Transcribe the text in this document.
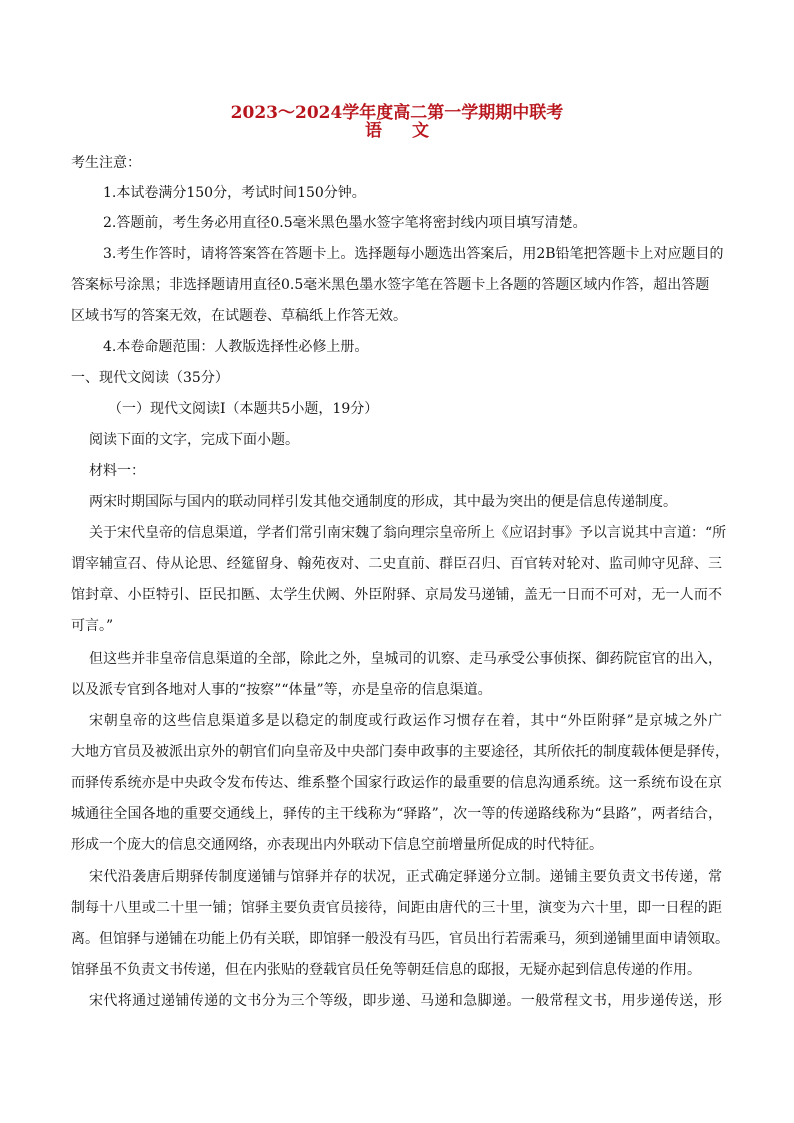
2023～2024学年度高二第一学期期中联考
语文
考生注意：
1.本试卷满分150分，考试时间150分钟。
2.答题前，考生务必用直径0.5毫米黑色墨水签字笔将密封线内项目填写清楚。
3.考生作答时，请将答案答在答题卡上。选择题每小题选出答案后，用2B铅笔把答题卡上对应题目的
答案标号涂黑；非选择题请用直径0.5毫米黑色墨水签字笔在答题卡上各题的答题区域内作答，超出答题
区域书写的答案无效，在试题卷、草稿纸上作答无效。
4.本卷命题范围：人教版选择性必修上册。
一、现代文阅读（35分）
（一）现代文阅读Ⅰ（本题共5小题，19分）
阅读下面的文字，完成下面小题。
材料一：
两宋时期国际与国内的联动同样引发其他交通制度的形成，其中最为突出的便是信息传递制度。
关于宋代皇帝的信息渠道，学者们常引南宋魏了翁向理宗皇帝所上《应诏封事》予以言说其中言道：“所
谓宰辅宣召、侍从论思、经筵留身、翰苑夜对、二史直前、群臣召归、百官转对轮对、监司帅守见辞、三
馆封章、小臣特引、臣民扣匦、太学生伏阙、外臣附驿、京局发马递铺，盖无一日而不可对，无一人而不
可言。”
但这些并非皇帝信息渠道的全部，除此之外，皇城司的讥察、走马承受公事侦探、御药院宦官的出入，
以及派专官到各地对人事的“按察”“体量”等，亦是皇帝的信息渠道。
宋朝皇帝的这些信息渠道多是以稳定的制度或行政运作习惯存在着，其中“外臣附驿”是京城之外广
大地方官员及被派出京外的朝官们向皇帝及中央部门奏申政事的主要途径，其所依托的制度载体便是驿传，
而驿传系统亦是中央政令发布传达、维系整个国家行政运作的最重要的信息沟通系统。这一系统布设在京
城通往全国各地的重要交通线上，驿传的主干线称为“驿路”，次一等的传递路线称为“县路”，两者结合，
形成一个庞大的信息交通网络，亦表现出内外联动下信息空前增量所促成的时代特征。
宋代沿袭唐后期驿传制度递铺与馆驿并存的状况，正式确定驿递分立制。递铺主要负责文书传递，常
制每十八里或二十里一铺；馆驿主要负责官员接待，间距由唐代的三十里，演变为六十里，即一日程的距
离。但馆驿与递铺在功能上仍有关联，即馆驿一般没有马匹，官员出行若需乘马，须到递铺里面申请领取。
馆驿虽不负责文书传递，但在内张贴的登载官员任免等朝廷信息的邸报，无疑亦起到信息传递的作用。
宋代将通过递铺传递的文书分为三个等级，即步递、马递和急脚递。一般常程文书，用步递传送，形
